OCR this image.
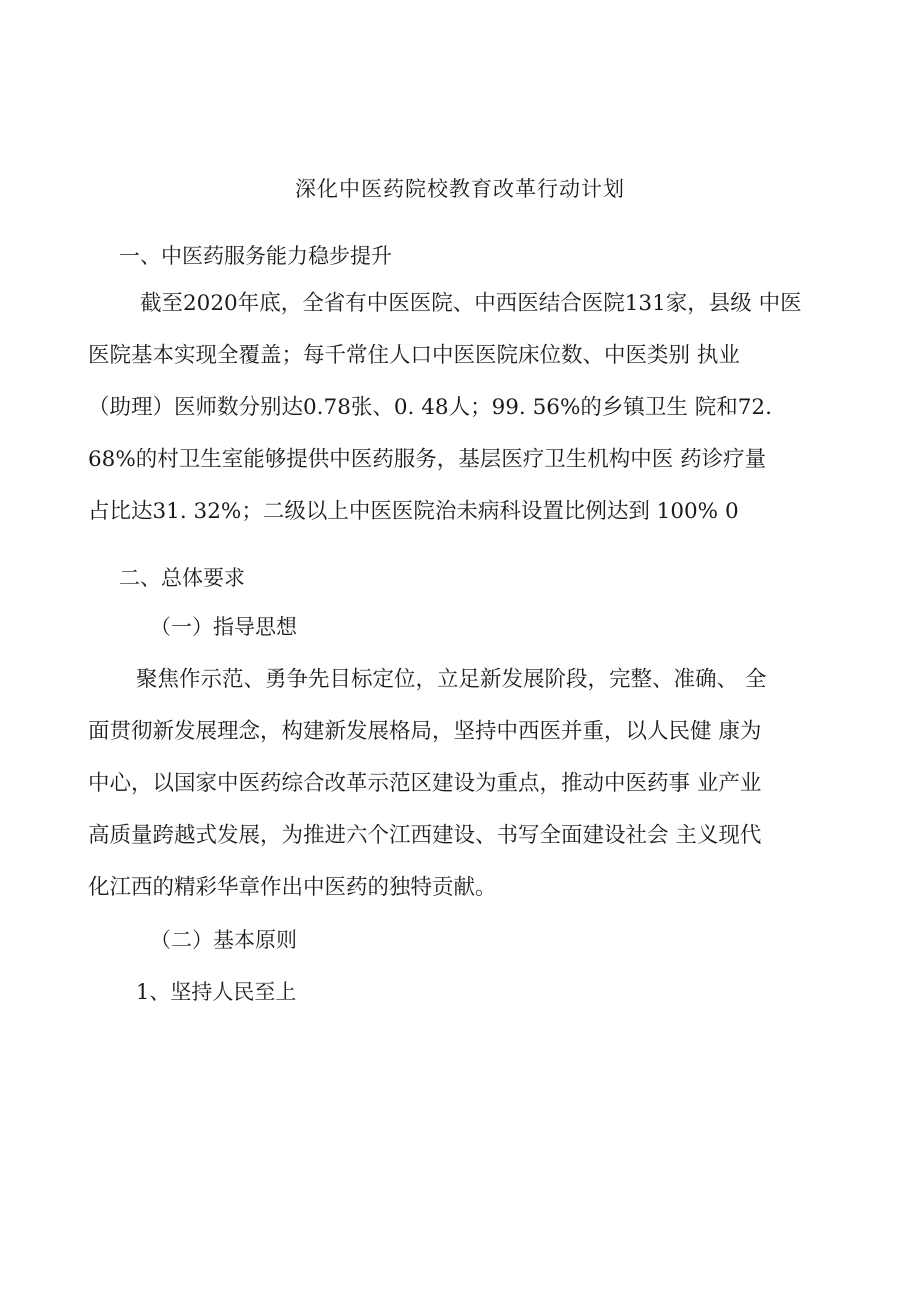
深化中医药院校教育改革行动计划
一、中医药服务能力稳步提升
截至2020年底，全省有中医医院、中西医结合医院131家，县级 中医
医院基本实现全覆盖；每千常住人口中医医院床位数、中医类别 执业
（助理）医师数分别达0.78张、0. 48人；99. 56%的乡镇卫生 院和72.
68%的村卫生室能够提供中医药服务，基层医疗卫生机构中医 药诊疗量
占比达31. 32%；二级以上中医医院治未病科设置比例达到 100% 0
二、总体要求
（一）指导思想
聚焦作示范、勇争先目标定位，立足新发展阶段，完整、准确、 全
面贯彻新发展理念，构建新发展格局，坚持中西医并重，以人民健 康为
中心，以国家中医药综合改革示范区建设为重点，推动中医药事 业产业
高质量跨越式发展，为推进六个江西建设、书写全面建设社会 主义现代
化江西的精彩华章作出中医药的独特贡献。
（二）基本原则
1、坚持人民至上
